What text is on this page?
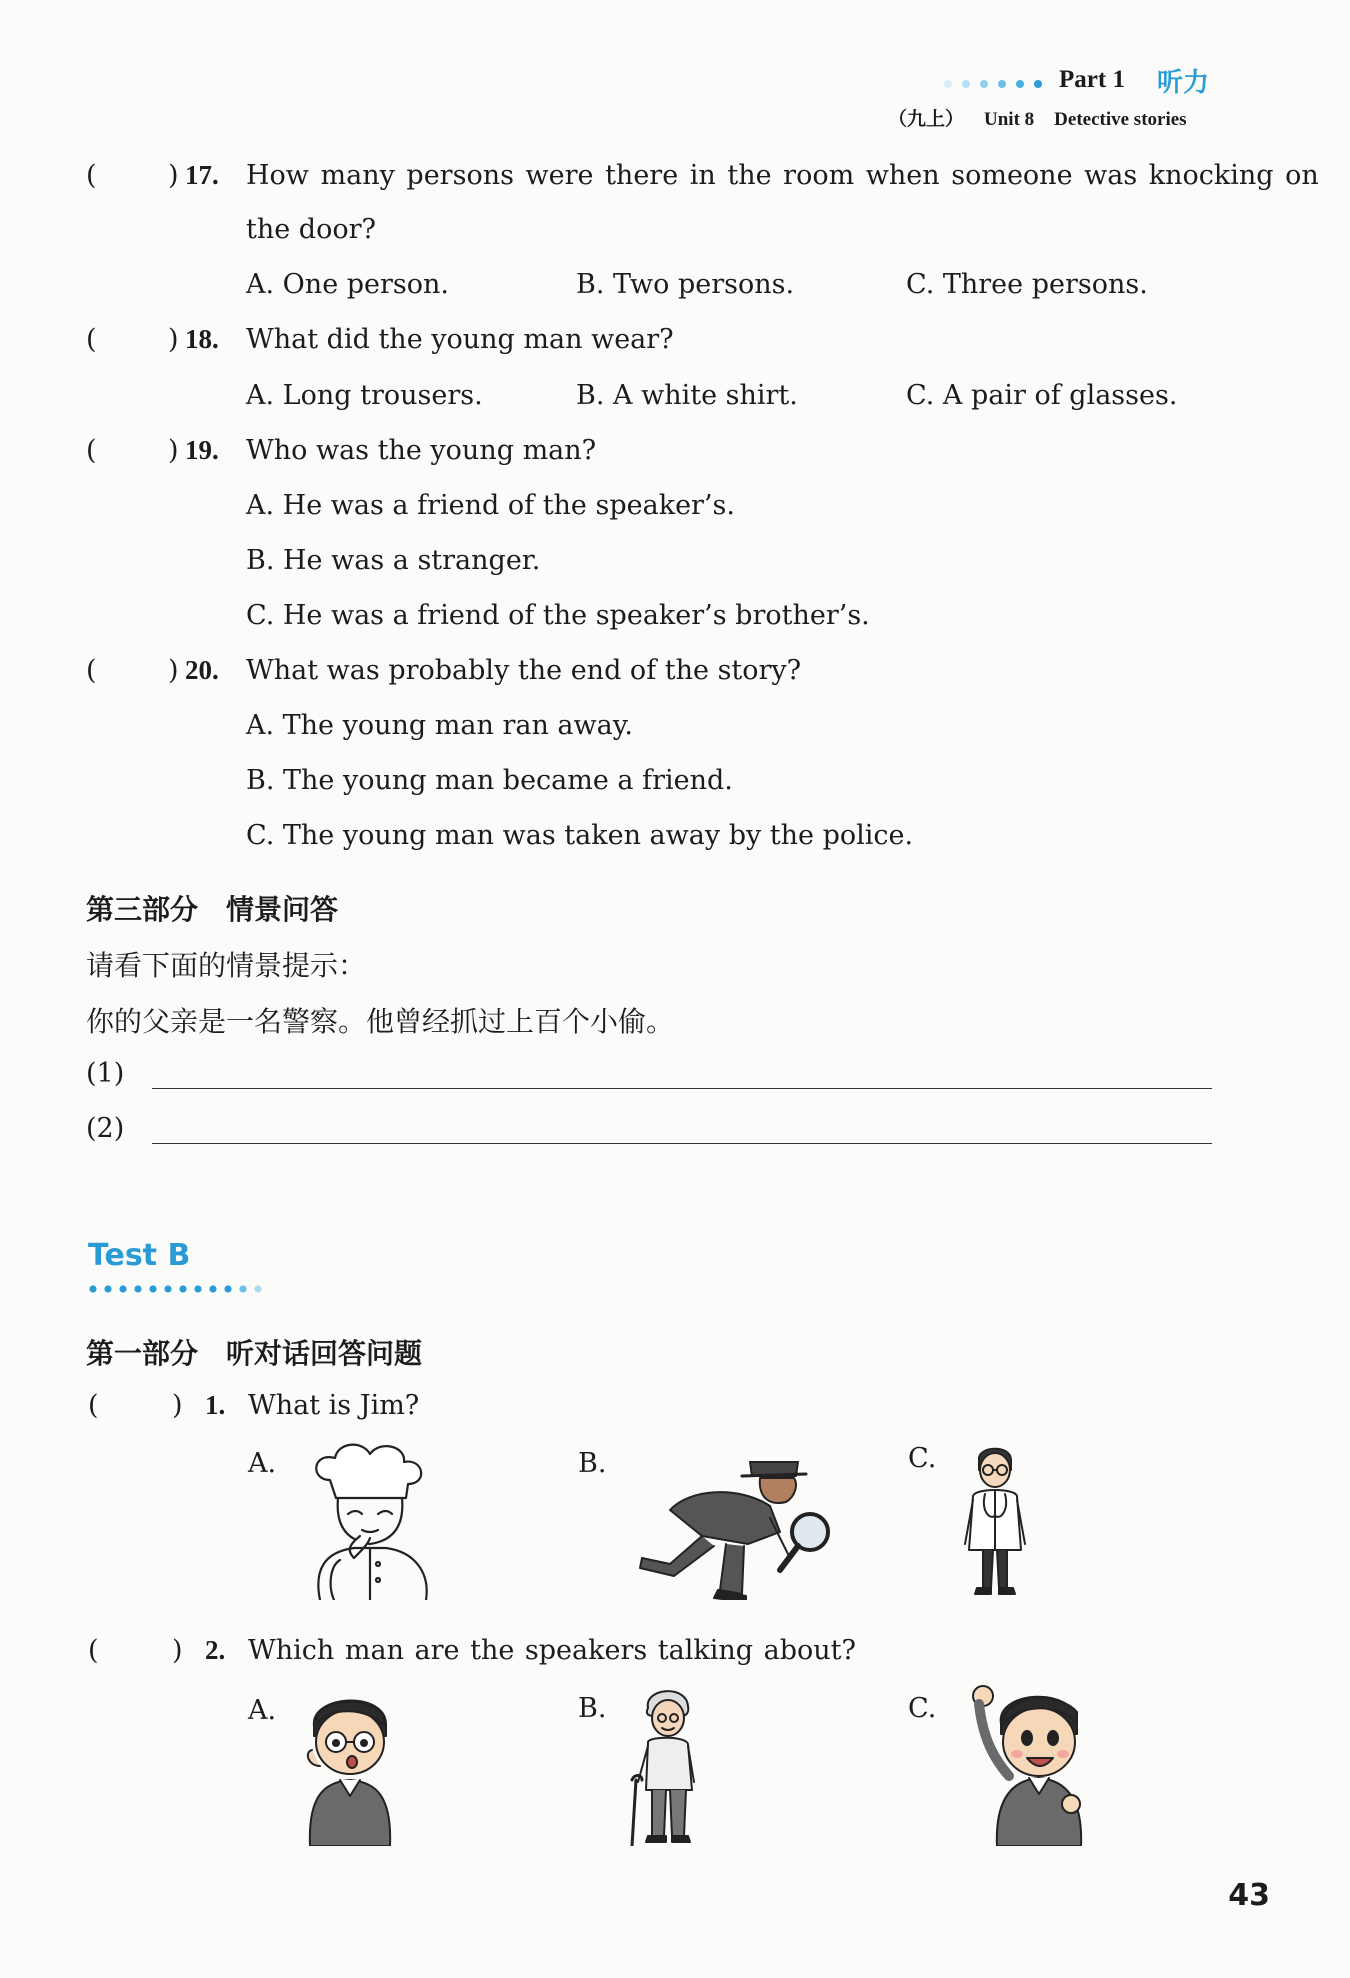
Part 1 听力
（九上） Unit 8 Detective stories
(	) 17. How many persons were there in the room when someone was knocking on
the door?
A. One person.	B. Two persons.	C. Three persons.
(	) 18. What did the young man wear?
A. Long trousers.	B. A white shirt.	C. A pair of glasses.
(	) 19. Who was the young man?
A. He was a friend of the speaker’s.
B. He was a stranger.
C. He was a friend of the speaker’s brother’s.
(	) 20. What was probably the end of the story?
A. The young man ran away.
B. The young man became a friend.
C. The young man was taken away by the police.
第三部分　情景问答
请看下面的情景提示：
你的父亲是一名警察。他曾经抓过上百个小偷。
(1)
(2)
Test B
第一部分　听对话回答问题
(	) 1. What is Jim?
A.	B.	C.
(	) 2. Which man are the speakers talking about?
A.	B.	C.
43
